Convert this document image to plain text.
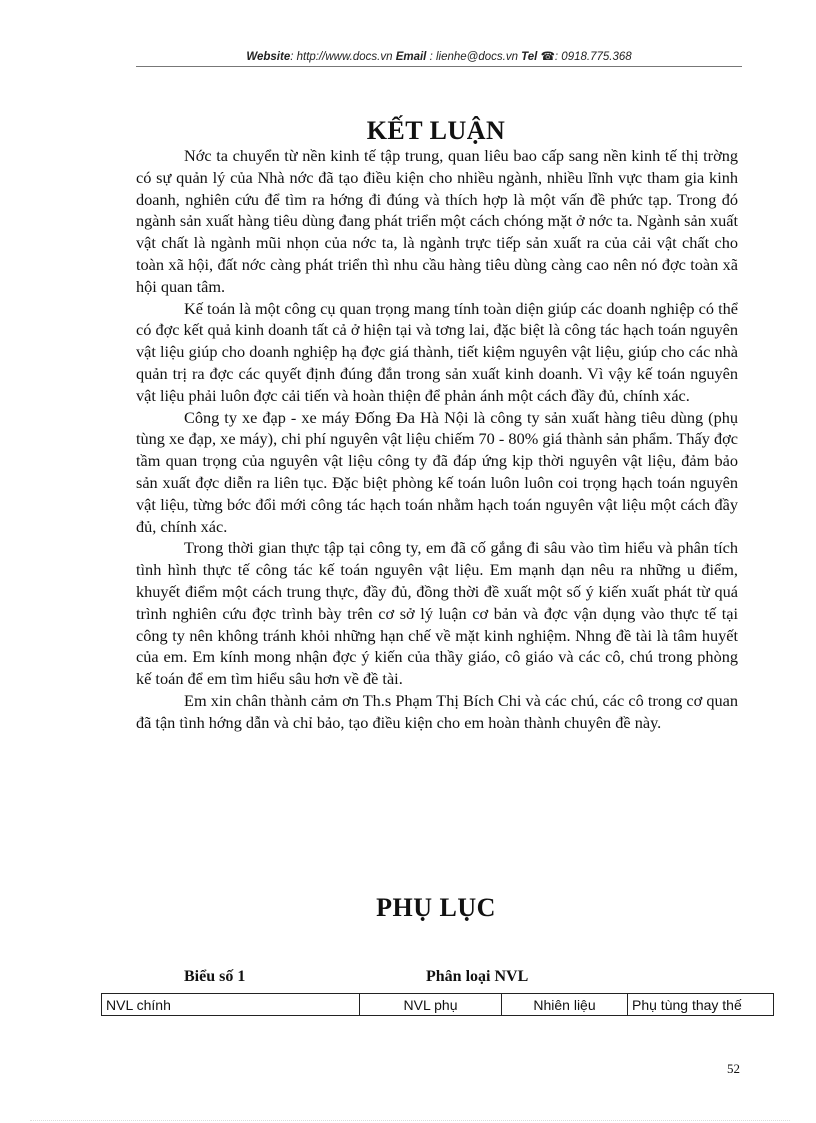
Website: http://www.docs.vn Email : lienhe@docs.vn Tel ☎: 0918.775.368
KẾT LUẬN

Nớc ta chuyển từ nền kinh tế tập trung, quan liêu bao cấp sang nền kinh tế thị trờng có sự quản lý của Nhà nớc đã tạo điều kiện cho nhiều ngành, nhiều lĩnh vực tham gia kinh doanh, nghiên cứu để tìm ra hớng đi đúng và thích hợp là một vấn đề phức tạp. Trong đó ngành sản xuất hàng tiêu dùng đang phát triển một cách chóng mặt ở nớc ta. Ngành sản xuất vật chất là ngành mũi nhọn của nớc ta, là ngành trực tiếp sản xuất ra của cải vật chất cho toàn xã hội, đất nớc càng phát triển thì nhu cầu hàng tiêu dùng càng cao nên nó đợc toàn xã hội quan tâm.

Kế toán là một công cụ quan trọng mang tính toàn diện giúp các doanh nghiệp có thể có đợc kết quả kinh doanh tất cả ở hiện tại và tơng lai, đặc biệt là công tác hạch toán nguyên vật liệu giúp cho doanh nghiệp hạ đợc giá thành, tiết kiệm nguyên vật liệu, giúp cho các nhà quản trị ra đợc các quyết định đúng đắn trong sản xuất kinh doanh. Vì vậy kế toán nguyên vật liệu phải luôn đợc cải tiến và hoàn thiện để phản ánh một cách đầy đủ, chính xác.

Công ty xe đạp - xe máy Đống Đa Hà Nội là công ty sản xuất hàng tiêu dùng (phụ tùng xe đạp, xe máy), chi phí nguyên vật liệu chiếm 70 - 80% giá thành sản phẩm. Thấy đợc tầm quan trọng của nguyên vật liệu công ty đã đáp ứng kịp thời nguyên vật liệu, đảm bảo sản xuất đợc diễn ra liên tục. Đặc biệt phòng kế toán luôn luôn coi trọng hạch toán nguyên vật liệu, từng bớc đổi mới công tác hạch toán nhằm hạch toán nguyên vật liệu một cách đầy đủ, chính xác.

Trong thời gian thực tập tại công ty, em đã cố gắng đi sâu vào tìm hiểu và phân tích tình hình thực tế công tác kế toán nguyên vật liệu. Em mạnh dạn nêu ra những u điểm, khuyết điểm một cách trung thực, đầy đủ, đồng thời đề xuất một số ý kiến xuất phát từ quá trình nghiên cứu đợc trình bày trên cơ sở lý luận cơ bản và đợc vận dụng vào thực tế tại công ty nên không tránh khỏi những hạn chế về mặt kinh nghiệm. Nhng đề tài là tâm huyết của em. Em kính mong nhận đợc ý kiến của thầy giáo, cô giáo và các cô, chú trong phòng kế toán để em tìm hiểu sâu hơn về đề tài.

Em xin chân thành cảm ơn Th.s Phạm Thị Bích Chi và các chú, các cô trong cơ quan đã tận tình hớng dẫn và chỉ bảo, tạo điều kiện cho em hoàn thành chuyên đề này.

PHỤ LỤC
Biểu số 1	Phân loại NVL
NVL chính	NVL phụ	Nhiên liệu	Phụ tùng thay thế
52
